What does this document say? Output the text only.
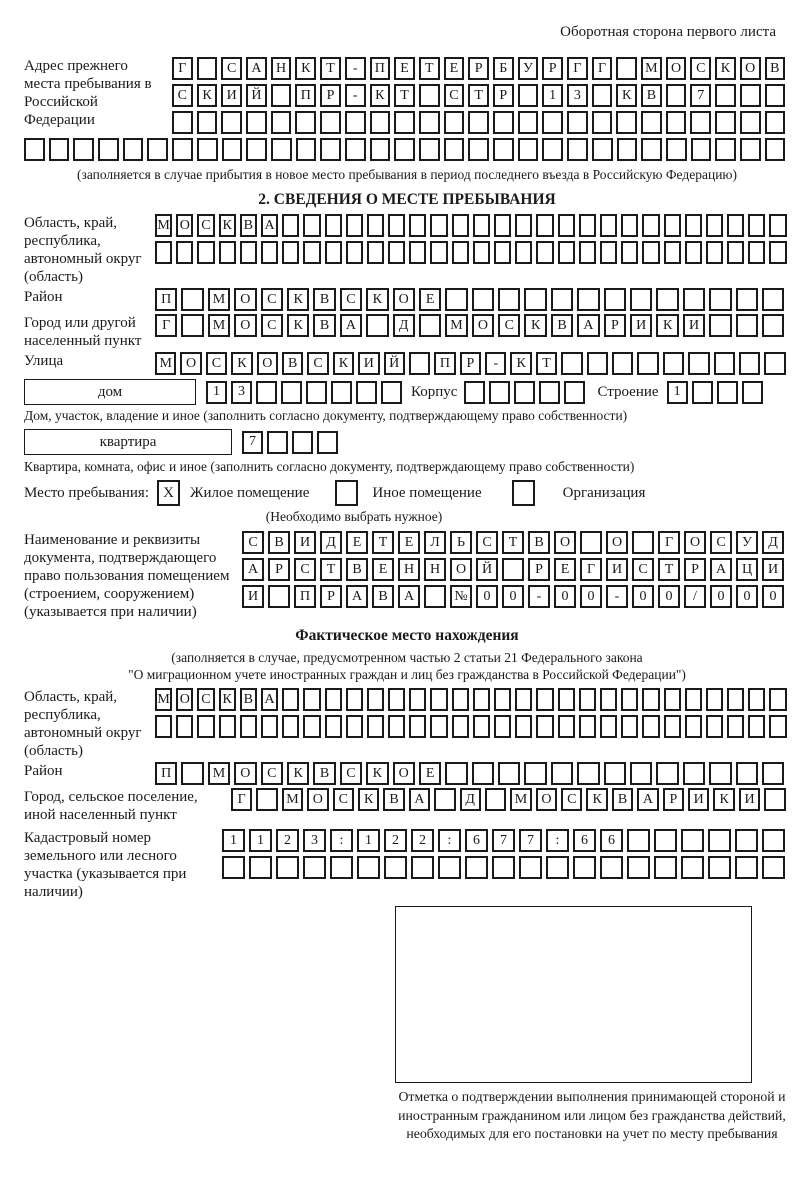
Оборотная сторона первого листа
Адрес прежнего места пребывания в Российской Федерации
Г	С	А	Н	К	Т	-	П	Е	Т	Е	Р	Б	У	Р	Г	Г	М О	С	К	О	В
С	К	И	Й	П	Р	-	К	Т	С	Т	Р	1	3	К	В	7
(заполняется в случае прибытия в новое место пребывания в период последнего въезда в Российскую Федерацию)
2. СВЕДЕНИЯ О МЕСТЕ ПРЕБЫВАНИЯ
Область, край, республика, автономный округ (область)
М О С К В А
Район	П	М	О	С	К	В	С	К	О	Е
Город или другой населенный пункт
Г	М	О	С	К	В	А	Д	М	О	С	К	В	А	Р	И	К	И
Улица	М	О	С	К	О	В	С	К	И	Й	П	Р	-	К	Т
дом	1	3	Корпус	Строение	1
Дом, участок, владение и иное (заполнить согласно документу, подтверждающему право собственности)
квартира	7
Квартира, комната, офис и иное (заполнить согласно документу, подтверждающему право собственности)
Место пребывания: X	Жилое помещение	Иное помещение	Организация
(Необходимо выбрать нужное)
Наименование и реквизиты документа, подтверждающего право пользования помещением (строением, сооружением) (указывается при наличии)
С	В	И	Д	Е	Т	Е	Л	Ь	С	Т	В	О	О	Г	О	С	У	Д
А	Р	С	Т	В	Е	Н	Н	О	Й	Р	Е	Г	И	С	Т	Р	А	Ц	И
И	П	Р	А	В	А	№	0	0	-	0	0	-	0	0	/	0	0	0
Фактическое место нахождения
(заполняется в случае, предусмотренном частью 2 статьи 21 Федерального закона
"О миграционном учете иностранных граждан и лиц без гражданства в Российской Федерации")
Область, край, республика, автономный округ (область)
М О С К В А
Район	П	М	О	С	К	В	С	К	О	Е
Город, сельское поселение, иной населенный пункт
Г	М	О	С	К	В	А	Д	М	О	С	К	В	А	Р	И	К	И
Кадастровый номер земельного или лесного участка (указывается при наличии)
1	1	2	3	:	1	2	2	:	6	7	7	:	6	6
Отметка о подтверждении выполнения принимающей стороной и иностранным гражданином или лицом без гражданства действий, необходимых для его постановки на учет по месту пребывания
